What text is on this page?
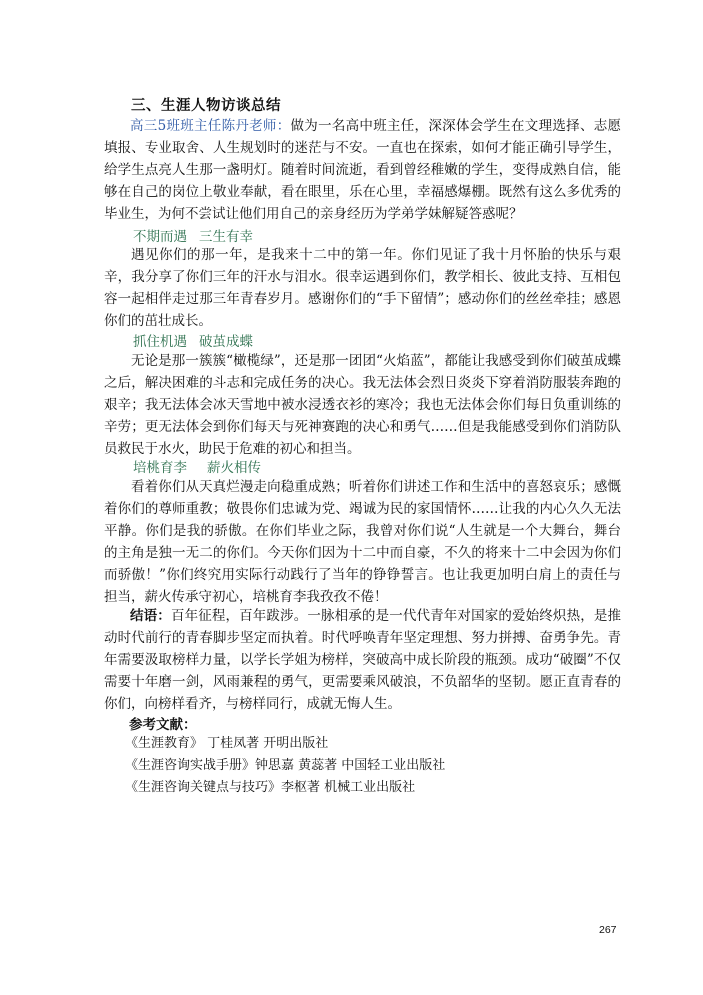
三、生涯人物访谈总结
高三5班班主任陈丹老师：做为一名高中班主任，深深体会学生在文理选择、志愿填报、专业取舍、人生规划时的迷茫与不安。一直也在探索，如何才能正确引导学生，给学生点亮人生那一盏明灯。随着时间流逝，看到曾经稚嫩的学生，变得成熟自信，能够在自己的岗位上敬业奉献，看在眼里，乐在心里，幸福感爆棚。既然有这么多优秀的毕业生，为何不尝试让他们用自己的亲身经历为学弟学妹解疑答惑呢？
不期而遇 三生有幸
遇见你们的那一年，是我来十二中的第一年。你们见证了我十月怀胎的快乐与艰辛，我分享了你们三年的汗水与泪水。很幸运遇到你们，教学相长、彼此支持、互相包容一起相伴走过那三年青春岁月。感谢你们的“手下留情”；感动你们的丝丝牵挂；感恩你们的茁壮成长。
抓住机遇 破茧成蝶
无论是那一簇簇“橄榄绿”，还是那一团团“火焰蓝”，都能让我感受到你们破茧成蝶之后，解决困难的斗志和完成任务的决心。我无法体会烈日炎炎下穿着消防服装奔跑的艰辛；我无法体会冰天雪地中被水浸透衣衫的寒冷；我也无法体会你们每日负重训练的辛劳；更无法体会到你们每天与死神赛跑的决心和勇气……但是我能感受到你们消防队员救民于水火，助民于危难的初心和担当。
培桃育李 薪火相传
看着你们从天真烂漫走向稳重成熟；听着你们讲述工作和生活中的喜怒哀乐；感慨着你们的尊师重教；敬畏你们忠诚为党、竭诚为民的家国情怀……让我的内心久久无法平静。你们是我的骄傲。在你们毕业之际，我曾对你们说“人生就是一个大舞台，舞台的主角是独一无二的你们。今天你们因为十二中而自豪，不久的将来十二中会因为你们而骄傲！”你们终究用实际行动践行了当年的铮铮誓言。也让我更加明白肩上的责任与担当，薪火传承守初心，培桃育李我孜孜不倦！
结语：百年征程，百年跋涉。一脉相承的是一代代青年对国家的爱始终炽热，是推动时代前行的青春脚步坚定而执着。时代呼唤青年坚定理想、努力拼搏、奋勇争先。青年需要汲取榜样力量，以学长学姐为榜样，突破高中成长阶段的瓶颈。成功“破圈”不仅需要十年磨一剑，风雨兼程的勇气，更需要乘风破浪，不负韶华的坚韧。愿正直青春的你们，向榜样看齐，与榜样同行，成就无悔人生。
参考文献：
《生涯教育》 丁桂凤著 开明出版社
《生涯咨询实战手册》钟思嘉 黄蕊著 中国轻工业出版社
《生涯咨询关键点与技巧》李枢著 机械工业出版社
267
